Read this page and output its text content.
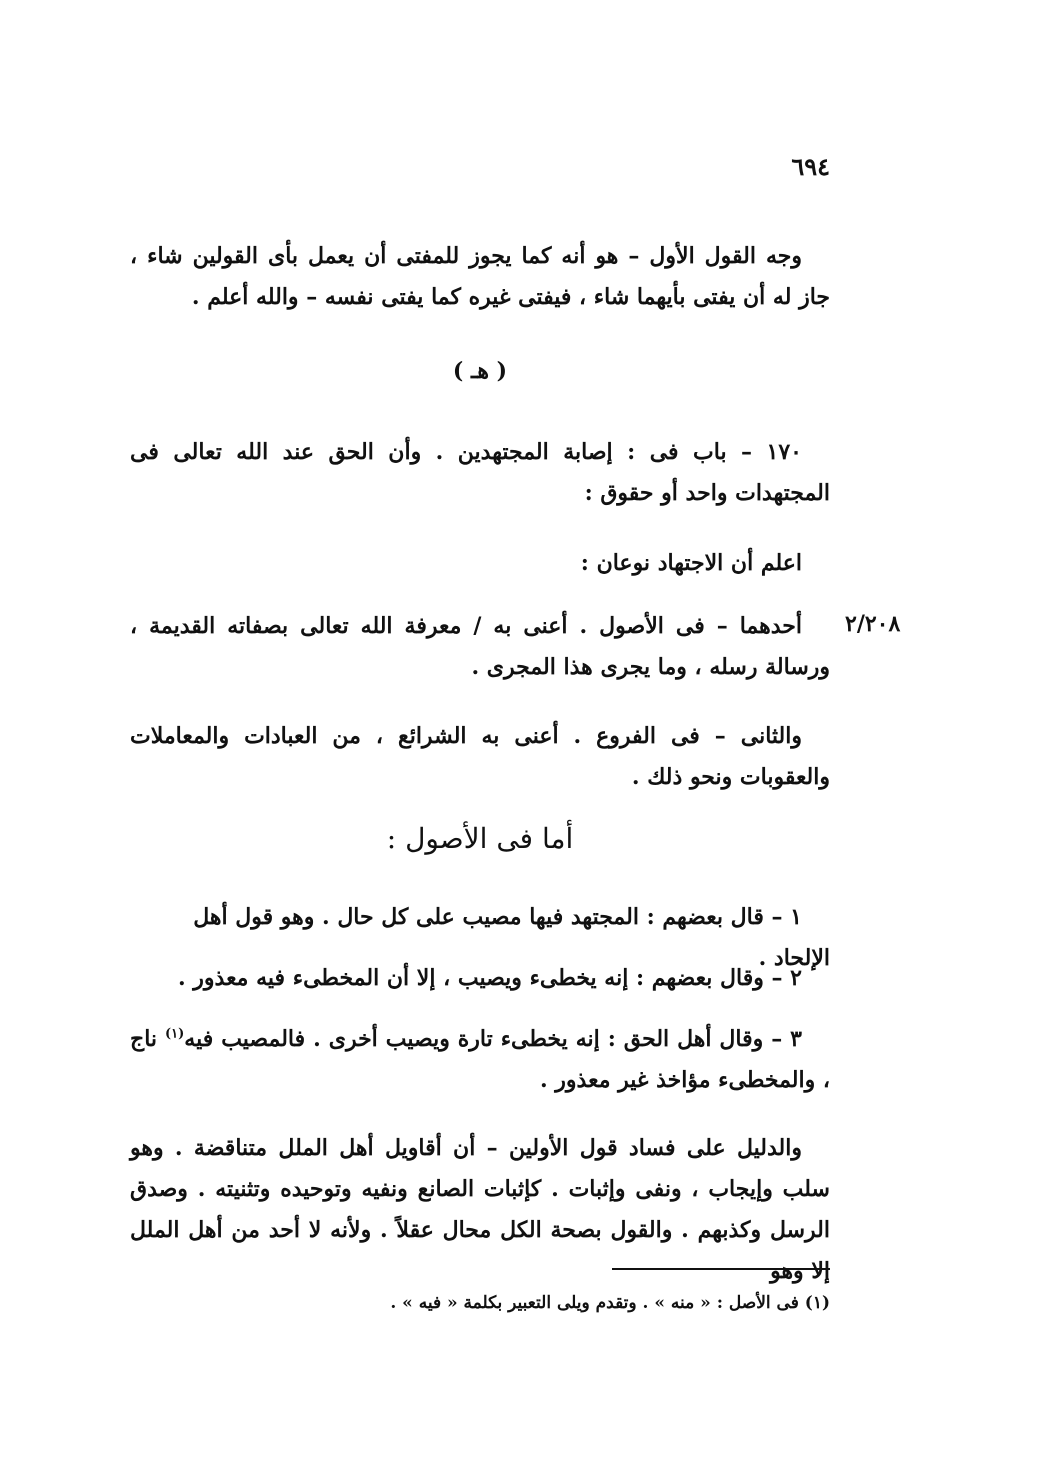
٦٩٤
وجه القول الأول – هو أنه كما يجوز للمفتى أن يعمل بأى القولين شاء ، جاز له أن يفتى بأيهما شاء ، فيفتى غيره كما يفتى نفسه – والله أعلم .
( هـ )
١٧٠ – باب فى : إصابة المجتهدين . وأن الحق عند الله تعالى فى المجتهدات واحد أو حقوق :
اعلم أن الاجتهاد نوعان :
٢/٢٠٨
أحدهما – فى الأصول . أعنى به / معرفة الله تعالى بصفاته القديمة ، ورسالة رسله ، وما يجرى هذا المجرى .
والثانى – فى الفروع . أعنى به الشرائع ، من العبادات والمعاملات والعقوبات ونحو ذلك .
أما فى الأصول :
١ – قال بعضهم : المجتهد فيها مصيب على كل حال . وهو قول أهل الإلحاد .
٢ – وقال بعضهم : إنه يخطىء ويصيب ، إلا أن المخطىء فيه معذور .
٣ – وقال أهل الحق : إنه يخطىء تارة ويصيب أخرى . فالمصيب فيه$^{(١)}$ ناج ، والمخطىء مؤاخذ غير معذور .
والدليل على فساد قول الأولين – أن أقاويل أهل الملل متناقضة . وهو سلب وإيجاب ، ونفى وإثبات . كإثبات الصانع ونفيه وتوحيده وتثنيته . وصدق الرسل وكذبهم . والقول بصحة الكل محال عقلاً . ولأنه لا أحد من أهل الملل إلا وهو
(١) فى الأصل : « منه » . وتقدم ويلى التعبير بكلمة « فيه » .
